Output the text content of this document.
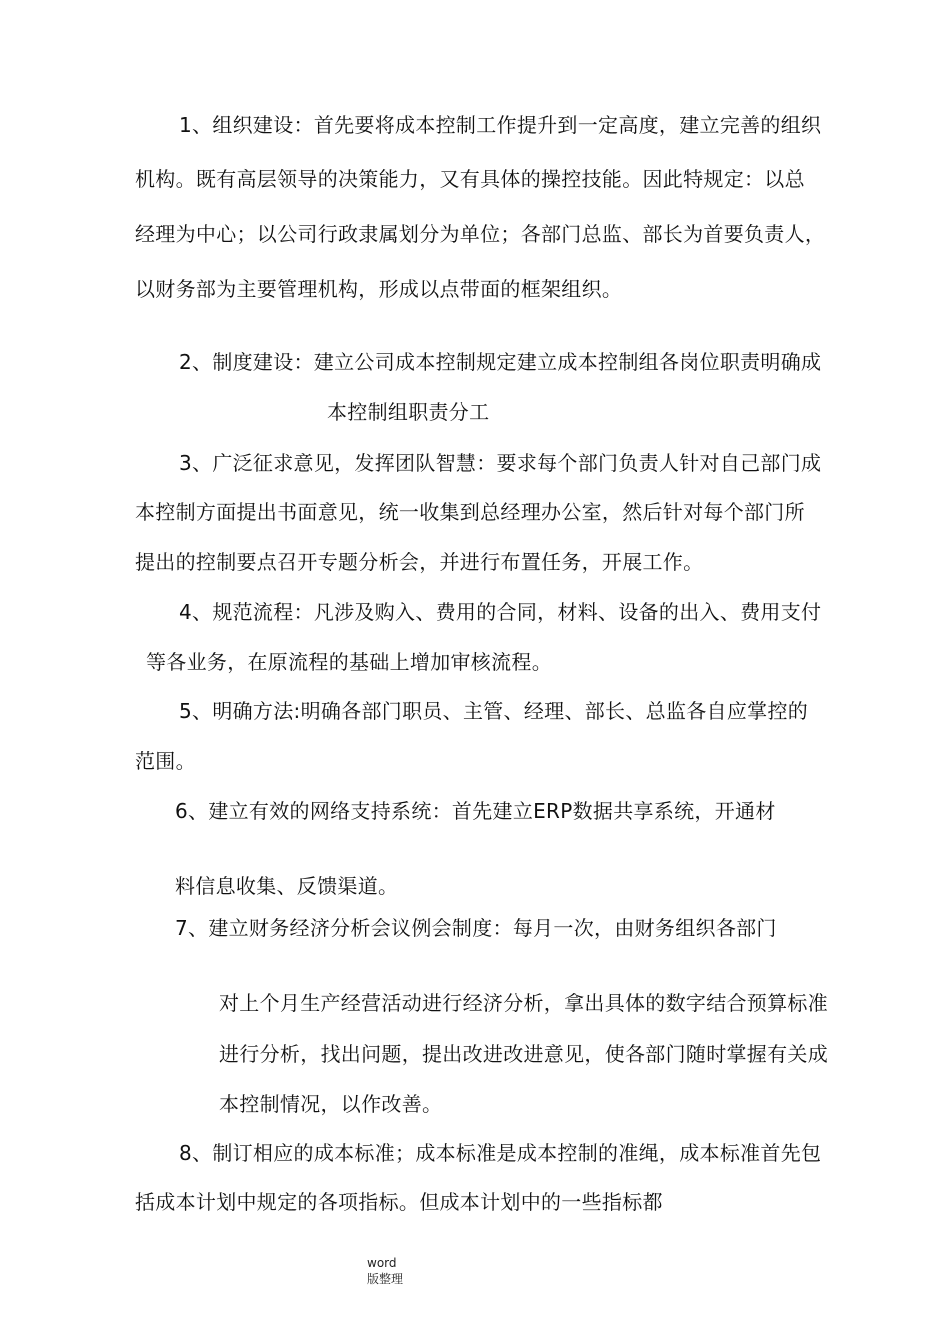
1、组织建设：首先要将成本控制工作提升到一定高度，建立完善的组织
机构。既有高层领导的决策能力，又有具体的操控技能。因此特规定：以总
经理为中心；以公司行政隶属划分为单位；各部门总监、部长为首要负责人，
以财务部为主要管理机构，形成以点带面的框架组织。
2、制度建设：建立公司成本控制规定建立成本控制组各岗位职责明确成
本控制组职责分工
3、广泛征求意见，发挥团队智慧：要求每个部门负责人针对自己部门成
本控制方面提出书面意见，统一收集到总经理办公室，然后针对每个部门所
提出的控制要点召开专题分析会，并进行布置任务，开展工作。
4、规范流程：凡涉及购入、费用的合同，材料、设备的出入、费用支付
等各业务，在原流程的基础上增加审核流程。
5、明确方法:明确各部门职员、主管、经理、部长、总监各自应掌控的
范围。
6、建立有效的网络支持系统：首先建立ERP数据共享系统，开通材
料信息收集、反馈渠道。
7、建立财务经济分析会议例会制度：每月一次，由财务组织各部门
对上个月生产经营活动进行经济分析，拿出具体的数字结合预算标准
进行分析，找出问题，提出改进改进意见，使各部门随时掌握有关成
本控制情况，以作改善。
8、制订相应的成本标准；成本标准是成本控制的准绳，成本标准首先包
括成本计划中规定的各项指标。但成本计划中的一些指标都
word
版整理
